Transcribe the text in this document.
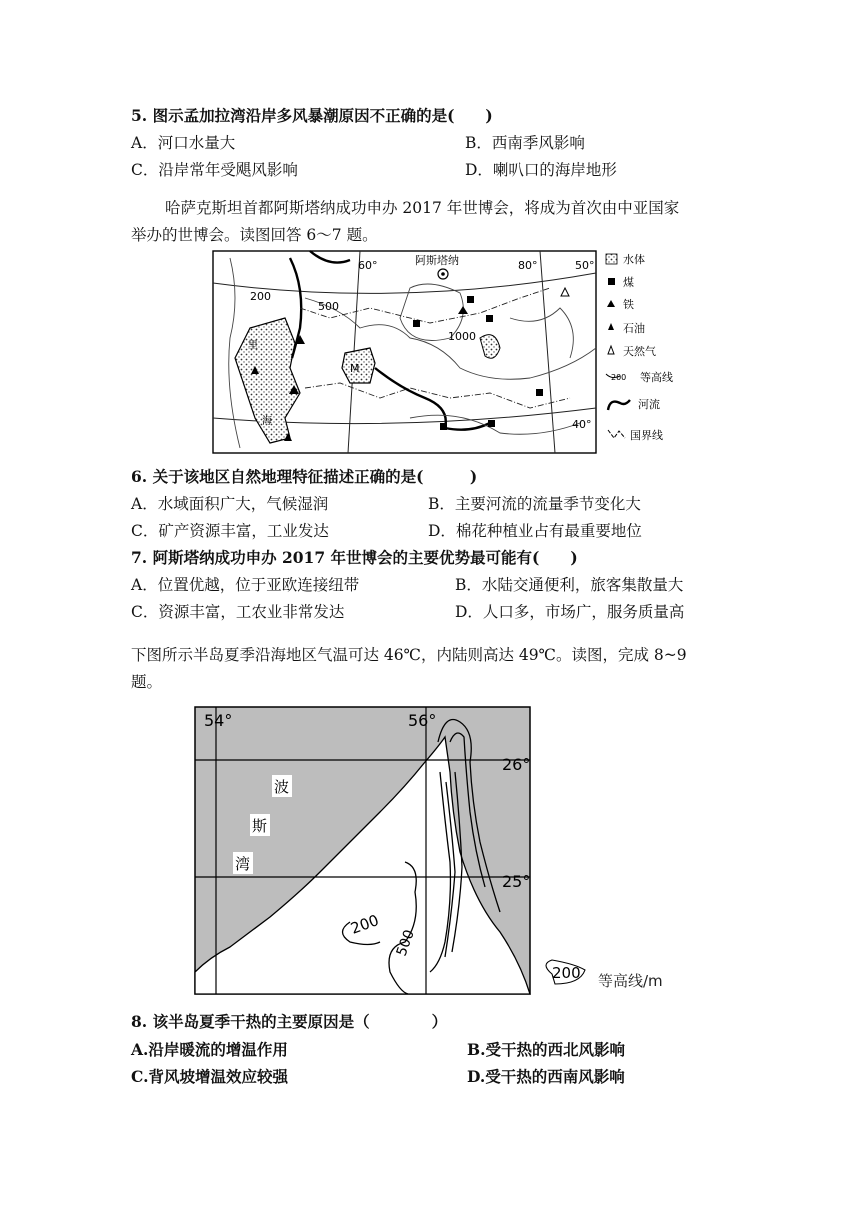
5. 图示孟加拉湾沿岸多风暴潮原因不正确的是(　　)
A．河口水量大	B．西南季风影响
C．沿岸常年受飓风影响	D．喇叭口的海岸地形
哈萨克斯坦首都阿斯塔纳成功申办 2017 年世博会，将成为首次由中亚国家
举办的世博会。读图回答 6～7 题。
60°	80°	50°
40°
阿斯塔纳
200
500
1000
里
海
M
水体
煤
铁
石油
天然气
200 等高线
河流
国界线
6. 关于该地区自然地理特征描述正确的是(　　　)
A．水域面积广大，气候湿润	B．主要河流的流量季节变化大
C．矿产资源丰富，工业发达	D．棉花种植业占有最重要地位
7. 阿斯塔纳成功申办 2017 年世博会的主要优势最可能有(　　)
A．位置优越，位于亚欧连接纽带	B．水陆交通便利，旅客集散量大
C．资源丰富，工农业非常发达	D．人口多，市场广，服务质量高
下图所示半岛夏季沿海地区气温可达 46℃，内陆则高达 49℃。读图，完成 8~9
题。
54°	56°
26°
25°
波
斯
湾
200
500
200 等高线/m
8. 该半岛夏季干热的主要原因是（　　　　）
A.沿岸暖流的增温作用	B.受干热的西北风影响
C.背风坡增温效应较强	D.受干热的西南风影响
